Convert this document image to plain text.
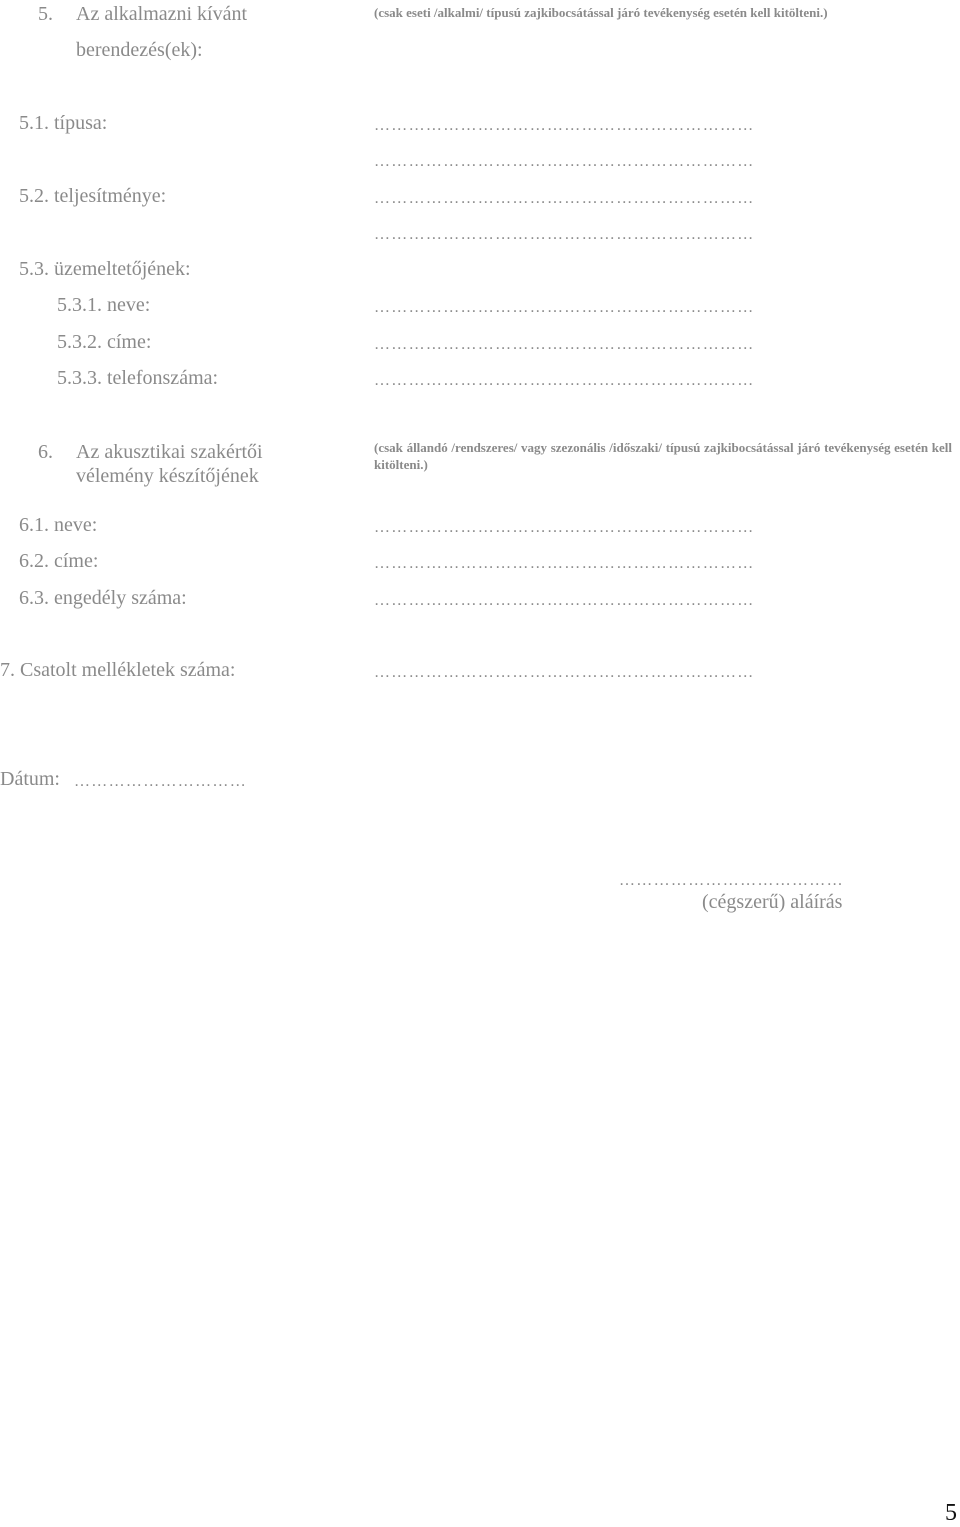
5. Az alkalmazni kívánt
berendezés(ek):
(csak eseti /alkalmi/ típusú zajkibocsátással járó tevékenység esetén kell kitölteni.)
5.1. típusa:	…………………………………………………………
…………………………………………………………
5.2. teljesítménye:	…………………………………………………………
…………………………………………………………
5.3. üzemeltetőjének:
5.3.1. neve:	…………………………………………………………
5.3.2. címe:	…………………………………………………………
5.3.3. telefonszáma:	…………………………………………………………
6. Az akusztikai szakértői
vélemény készítőjének
(csak állandó /rendszeres/ vagy szezonális /időszaki/ típusú zajkibocsátással járó tevékenység esetén kell kitölteni.)
6.1. neve:	…………………………………………………………
6.2. címe:	…………………………………………………………
6.3. engedély száma:	…………………………………………………………
7. Csatolt mellékletek száma:	…………………………………………………………
Dátum: …………………………
…………………………………
(cégszerű) aláírás
5
